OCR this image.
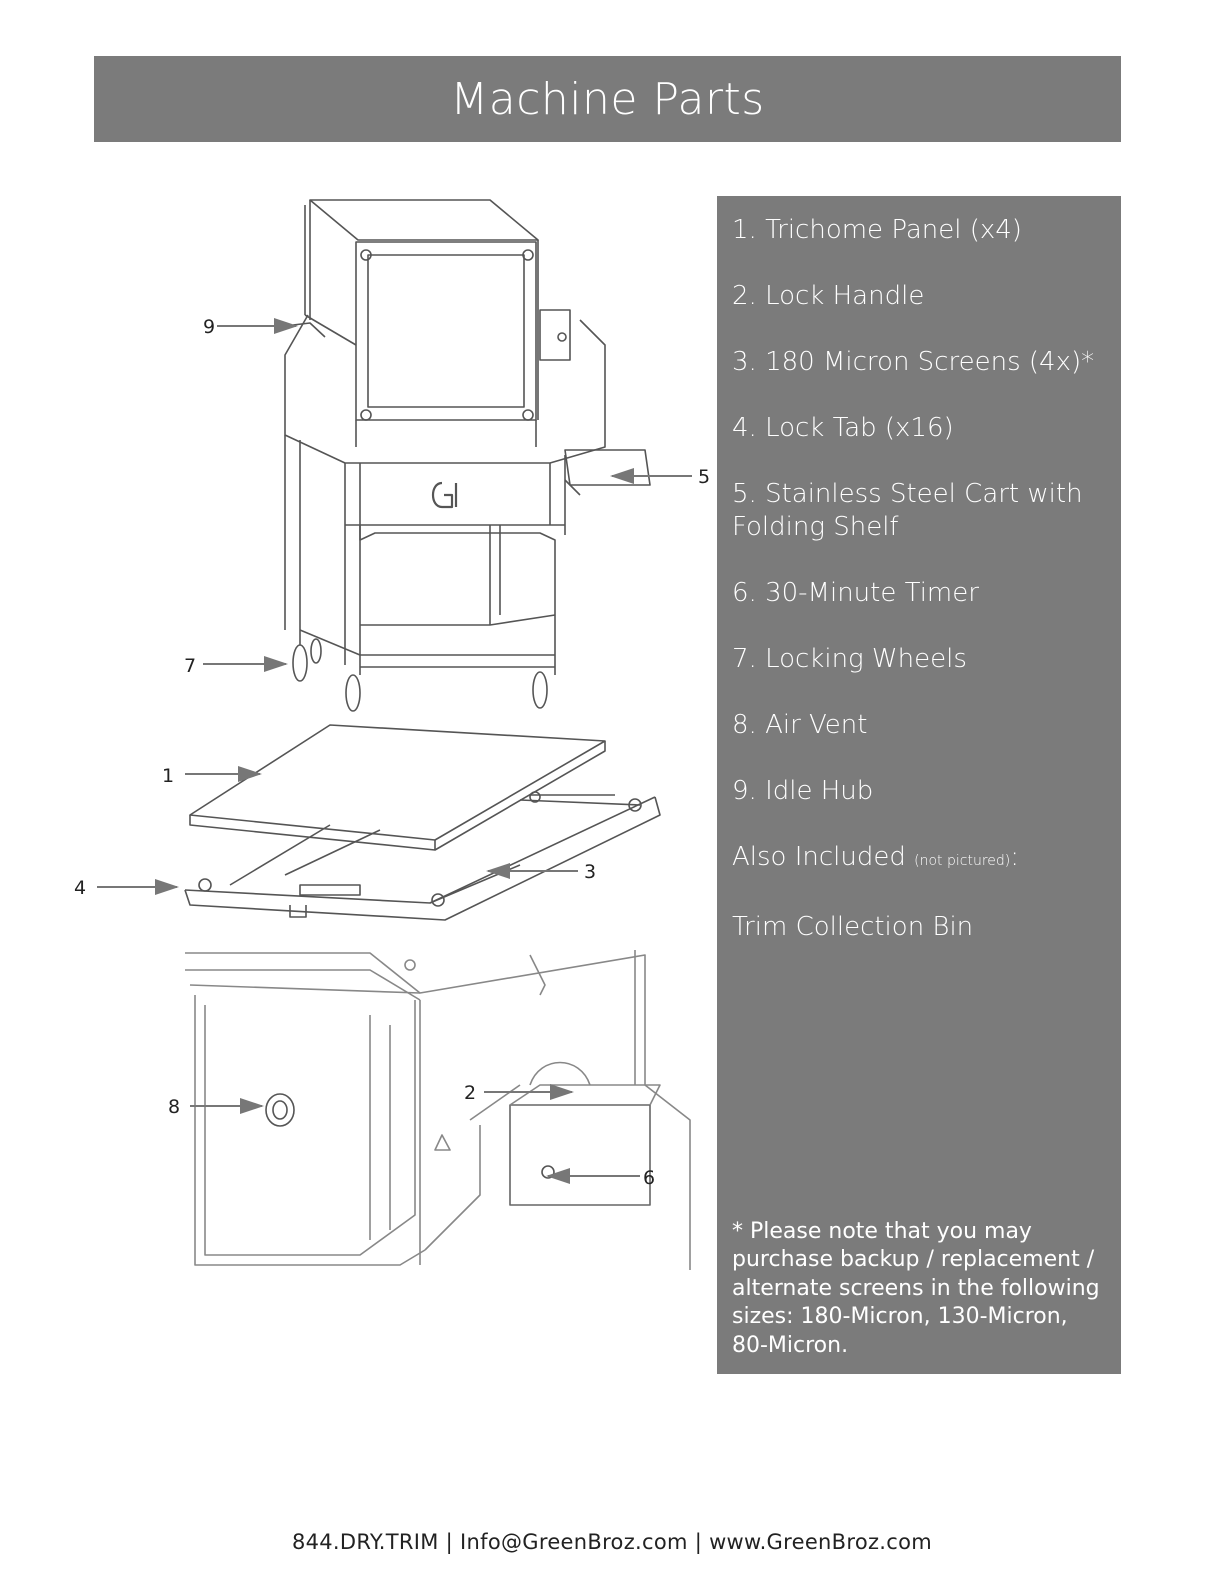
Machine Parts
9
5
7
1
3
4
8
2
6
1. Trichome Panel (x4)
2. Lock Handle
3. 180 Micron Screens (4x)*
4. Lock Tab (x16)
5. Stainless Steel Cart with Folding Shelf
6. 30-Minute Timer
7. Locking Wheels
8. Air Vent
9. Idle Hub
Also Included (not pictured):
Trim Collection Bin
* Please note that you may purchase backup / replacement / alternate screens in the following sizes: 180-Micron, 130-Micron, 80-Micron.
844.DRY.TRIM | Info@GreenBroz.com | www.GreenBroz.com
